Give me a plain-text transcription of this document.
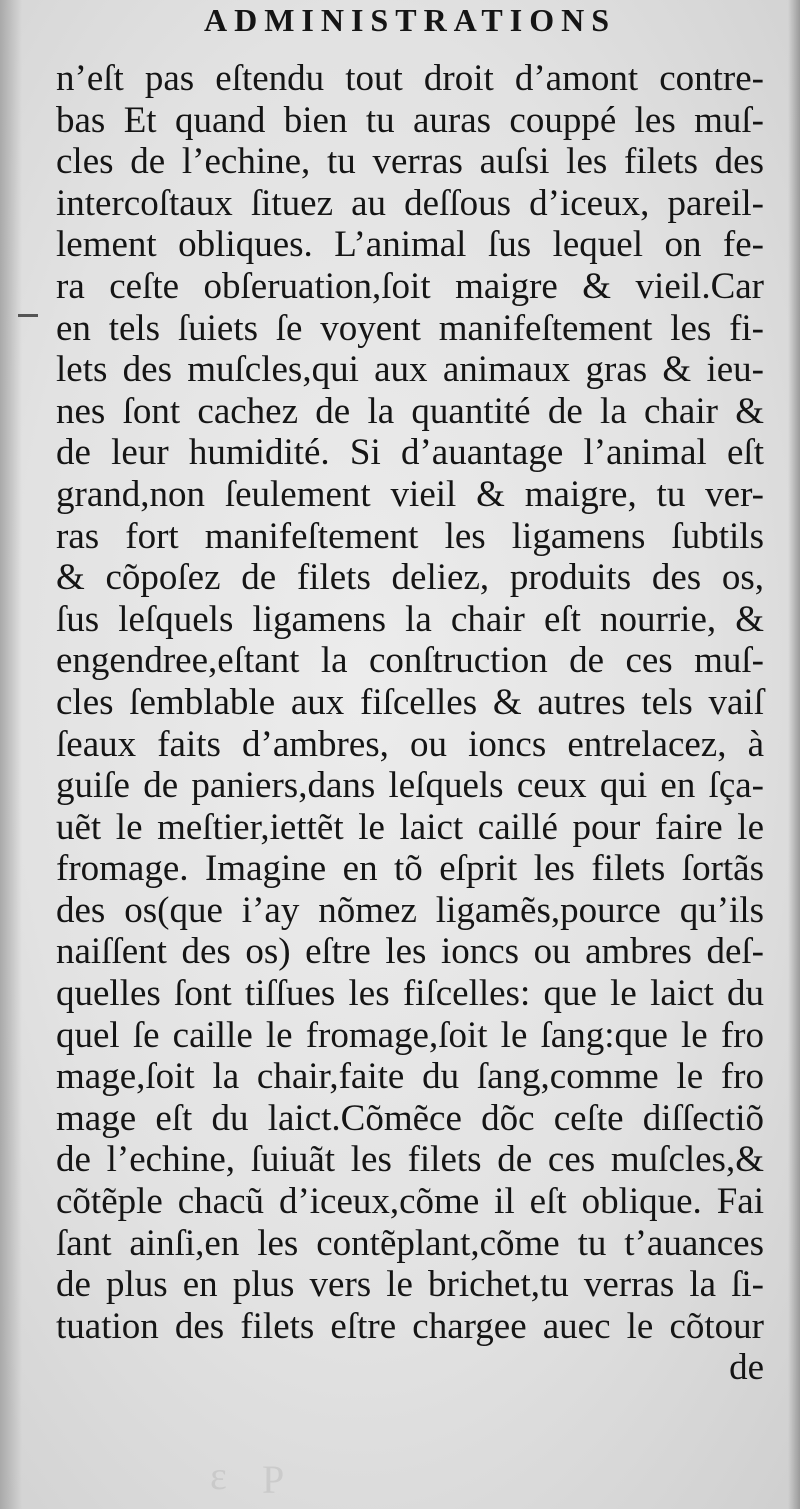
ADMINISTRATIONS
n’eſt pas eſtendu tout droit d’amont contre-
bas Et quand bien tu auras couppé les muſ-
cles de l’echine, tu verras auſsi les filets des
intercoſtaux ſituez au deſſous d’iceux, pareil-
lement obliques. L’animal ſus lequel on fe-
ra ceſte obſeruation,ſoit maigre & vieil.Car
en tels ſuiets ſe voyent manifeſtement les fi-
lets des muſcles,qui aux animaux gras & ieu-
nes ſont cachez de la quantité de la chair &
de leur humidité. Si d’auantage l’animal eſt
grand,non ſeulement vieil & maigre, tu ver-
ras fort manifeſtement les ligamens ſubtils
& cõpoſez de filets deliez, produits des os,
ſus leſquels ligamens la chair eſt nourrie, &
engendree,eſtant la conſtruction de ces muſ-
cles ſemblable aux fiſcelles & autres tels vaiſ
ſeaux faits d’ambres, ou ioncs entrelacez, à
guiſe de paniers,dans leſquels ceux qui en ſça-
uẽt le meſtier,iettẽt le laict caillé pour faire le
fromage. Imagine en tõ eſprit les filets ſortãs
des os(que i’ay nõmez ligamẽs,pource qu’ils
naiſſent des os) eſtre les ioncs ou ambres deſ-
quelles ſont tiſſues les fiſcelles: que le laict du
quel ſe caille le fromage,ſoit le ſang:que le fro
mage,ſoit la chair,faite du ſang,comme le fro
mage eſt du laict.Cõmẽce dõc ceſte diſſectiõ
de l’echine, ſuiuãt les filets de ces muſcles,&
cõtẽple chacũ d’iceux,cõme il eſt oblique. Fai
ſant ainſi,en les contẽplant,cõme tu t’auances
de plus en plus vers le brichet,tu verras la ſi-
tuation des filets eſtre chargee auec le cõtour
de
ε P
